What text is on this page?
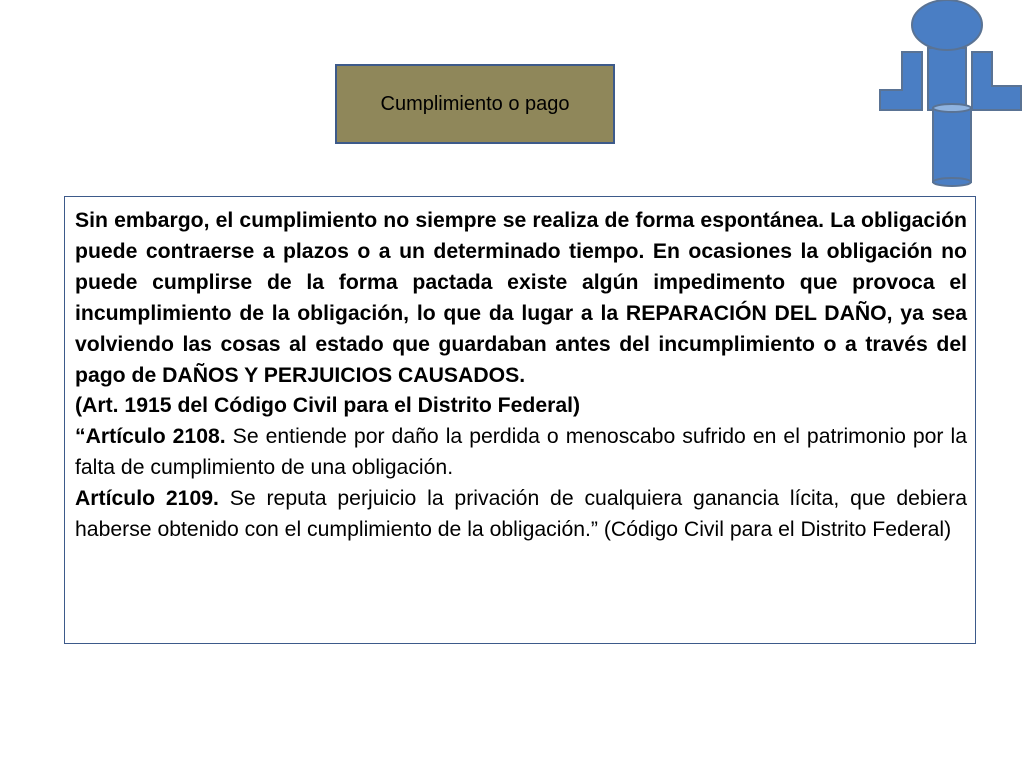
Cumplimiento o pago

Sin embargo, el cumplimiento no siempre se realiza de forma espontánea. La obligación puede contraerse a plazos o a un determinado tiempo. En ocasiones la obligación no puede cumplirse de la forma pactada existe algún impedimento que provoca el incumplimiento de la obligación, lo que da lugar a la REPARACIÓN DEL DAÑO, ya sea volviendo las cosas al estado que guardaban antes del incumplimiento o a través del pago de DAÑOS Y PERJUICIOS CAUSADOS.

(Art. 1915 del Código Civil para el Distrito Federal)

“Artículo 2108. Se entiende por daño la perdida o menoscabo sufrido en el patrimonio por la falta de cumplimiento de una obligación.

Artículo 2109. Se reputa perjuicio la privación de cualquiera ganancia lícita, que debiera haberse obtenido con el cumplimiento de la obligación.” (Código Civil para el Distrito Federal)
